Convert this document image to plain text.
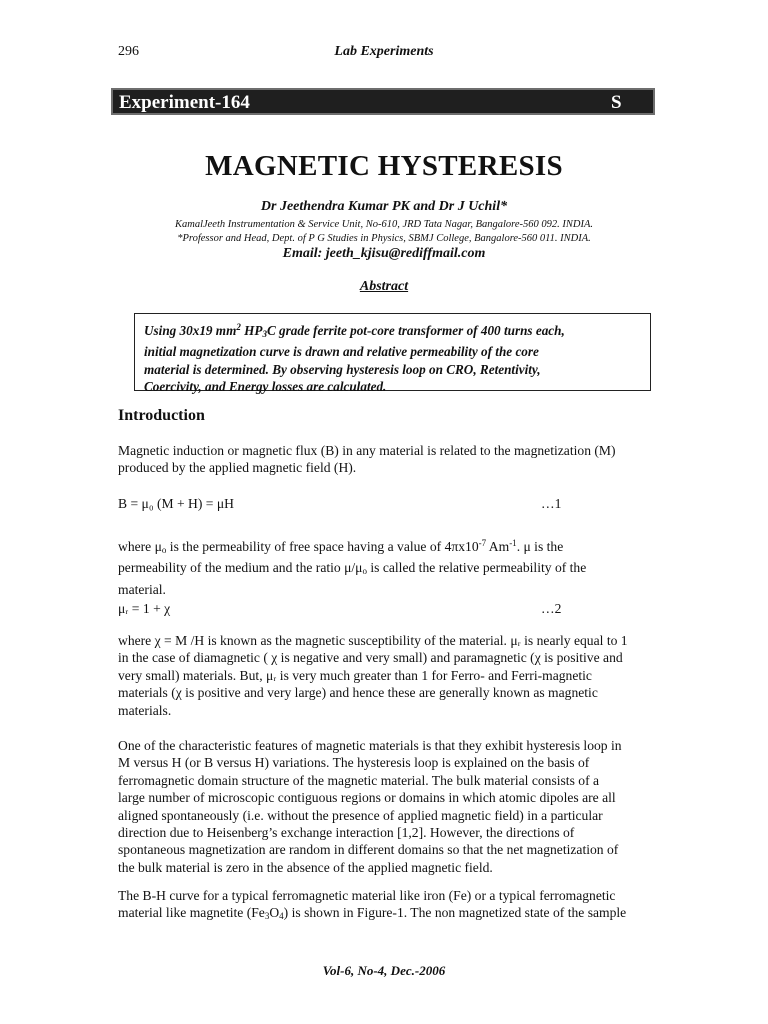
296	Lab Experiments
Experiment-164	S
MAGNETIC HYSTERESIS
Dr Jeethendra Kumar PK and Dr J Uchil*
KamalJeeth Instrumentation & Service Unit, No-610, JRD Tata Nagar, Bangalore-560 092. INDIA.
*Professor and Head, Dept. of P G Studies in Physics, SBMJ College, Bangalore-560 011. INDIA.
Email: jeeth_kjisu@rediffmail.com
Abstract
Using 30x19 $mm^2$ HP3C grade ferrite pot-core transformer of 400 turns each,
initial magnetization curve is drawn and relative permeability of the core
material is determined. By observing hysteresis loop on CRO, Retentivity,
Coercivity, and Energy losses are calculated.
Introduction
Magnetic induction or magnetic flux (B) in any material is related to the magnetization (M)
produced by the applied magnetic field (H).
B = μ₀ (M + H) = μH	…1
where μo is the permeability of free space having a value of $4\pi x10^{-7}$ $Am^{-1}$. μ is the
permeability of the medium and the ratio μ/μo is called the relative permeability of the
material.
μᵣ = 1 + χ	…2
where χ = M /H is known as the magnetic susceptibility of the material. μᵣ is nearly equal to 1
in the case of diamagnetic ( χ is negative and very small) and paramagnetic (χ is positive and
very small) materials. But, μᵣ is very much greater than 1 for Ferro- and Ferri-magnetic
materials (χ is positive and very large) and hence these are generally known as magnetic
materials.
One of the characteristic features of magnetic materials is that they exhibit hysteresis loop in
M versus H (or B versus H) variations. The hysteresis loop is explained on the basis of
ferromagnetic domain structure of the magnetic material. The bulk material consists of a
large number of microscopic contiguous regions or domains in which atomic dipoles are all
aligned spontaneously (i.e. without the presence of applied magnetic field) in a particular
direction due to Heisenberg’s exchange interaction [1,2]. However, the directions of
spontaneous magnetization are random in different domains so that the net magnetization of
the bulk material is zero in the absence of the applied magnetic field.
The B-H curve for a typical ferromagnetic material like iron (Fe) or a typical ferromagnetic
material like magnetite (Fe3O4) is shown in Figure-1. The non magnetized state of the sample
Vol-6, No-4, Dec.-2006
